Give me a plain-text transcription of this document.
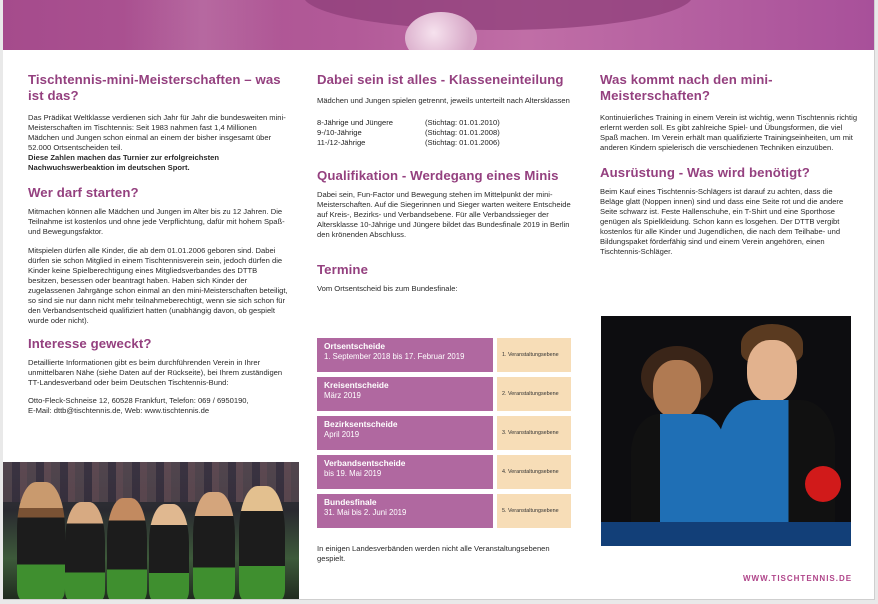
Tischtennis-mini-Meisterschaften – was ist das?

Das Prädikat Weltklasse verdienen sich Jahr für Jahr die bundesweiten mini-Meisterschaften im Tischtennis: Seit 1983 nahmen fast 1,4 Millionen Mädchen und Jungen schon einmal an einem der bisher insgesamt über 52.000 Ortsentscheiden teil.

Diese Zahlen machen das Turnier zur erfolgreichsten Nachwuchswerbeaktion im deutschen Sport.

Wer darf starten?

Mitmachen können alle Mädchen und Jungen im Alter bis zu 12 Jahren. Die Teilnahme ist kostenlos und ohne jede Verpflichtung, dafür mit hohem Spaß- und Bewegungsfaktor.

Mitspielen dürfen alle Kinder, die ab dem 01.01.2006 geboren sind. Dabei dürfen sie schon Mitglied in einem Tischtennisverein sein, jedoch dürfen die Kinder keine Spielberechtigung eines Mitgliedsverbandes des DTTB besitzen, besessen oder beantragt haben. Haben sich Kinder der zugelassenen Jahrgänge schon einmal an den mini-Meisterschaften beteiligt, so sind sie nur dann nicht mehr teilnahmeberechtigt, wenn sie sich schon für den Verbandsentscheid qualifiziert hatten (unabhängig davon, ob gespielt wurde oder nicht).

Interesse geweckt?

Detaillierte Informationen gibt es beim durchführenden Verein in Ihrer unmittelbaren Nähe (siehe Daten auf der Rückseite), bei Ihrem zuständigen TT-Landesverband oder beim Deutschen Tischtennis-Bund:

Otto-Fleck-Schneise 12, 60528 Frankfurt, Telefon: 069 / 6950190,

E-Mail: dttb@tischtennis.de, Web: www.tischtennis.de

Dabei sein ist alles - Klasseneinteilung

Mädchen und Jungen spielen getrennt, jeweils unterteilt nach Altersklassen

8-Jährige und Jüngere	(Stichtag: 01.01.2010)
9-/10-Jährige	(Stichtag: 01.01.2008)
11-/12-Jährige	(Stichtag: 01.01.2006)
Qualifikation - Werdegang eines Minis

Dabei sein, Fun-Factor und Bewegung stehen im Mittelpunkt der mini-Meisterschaften. Auf die Siegerinnen und Sieger warten weitere Entscheide auf Kreis-, Bezirks- und Verbandsebene. Für alle Verbandssieger der Altersklasse 10-Jährige und Jüngere bildet das Bundesfinale 2019 in Berlin den krönenden Abschluss.

Termine

Vom Ortsentscheid bis zum Bundesfinale:

Ortsentscheide
1. September 2018 bis 17. Februar 2019	1. Veranstaltungsebene
Kreisentscheide
März 2019	2. Veranstaltungsebene
Bezirksentscheide
April 2019	3. Veranstaltungsebene
Verbandsentscheide
bis 19. Mai 2019	4. Veranstaltungsebene
Bundesfinale
31. Mai bis 2. Juni 2019	5. Veranstaltungsebene

In einigen Landesverbänden werden nicht alle Veranstaltungsebenen gespielt.

Was kommt nach den mini-Meisterschaften?

Kontinuierliches Training in einem Verein ist wichtig, wenn Tischtennis richtig erlernt werden soll. Es gibt zahlreiche Spiel- und Übungsformen, die viel Spaß machen. Im Verein erhält man qualifizierte Trainingseinheiten, um mit anderen Kindern spielerisch die verschiedenen Techniken einzuüben.

Ausrüstung - Was wird benötigt?

Beim Kauf eines Tischtennis-Schlägers ist darauf zu achten, dass die Beläge glatt (Noppen innen) sind und dass eine Seite rot und die andere Seite schwarz ist. Feste Hallenschuhe, ein T-Shirt und eine Sporthose genügen als Spielkleidung. Schon kann es losgehen. Der DTTB vergibt kostenlos für alle Kinder und Jugendlichen, die nach dem Teilhabe- und Bildungspaket förderfähig sind und einem Verein angehören, einen Tischtennis-Schläger.

WWW.TISCHTENNIS.DE
